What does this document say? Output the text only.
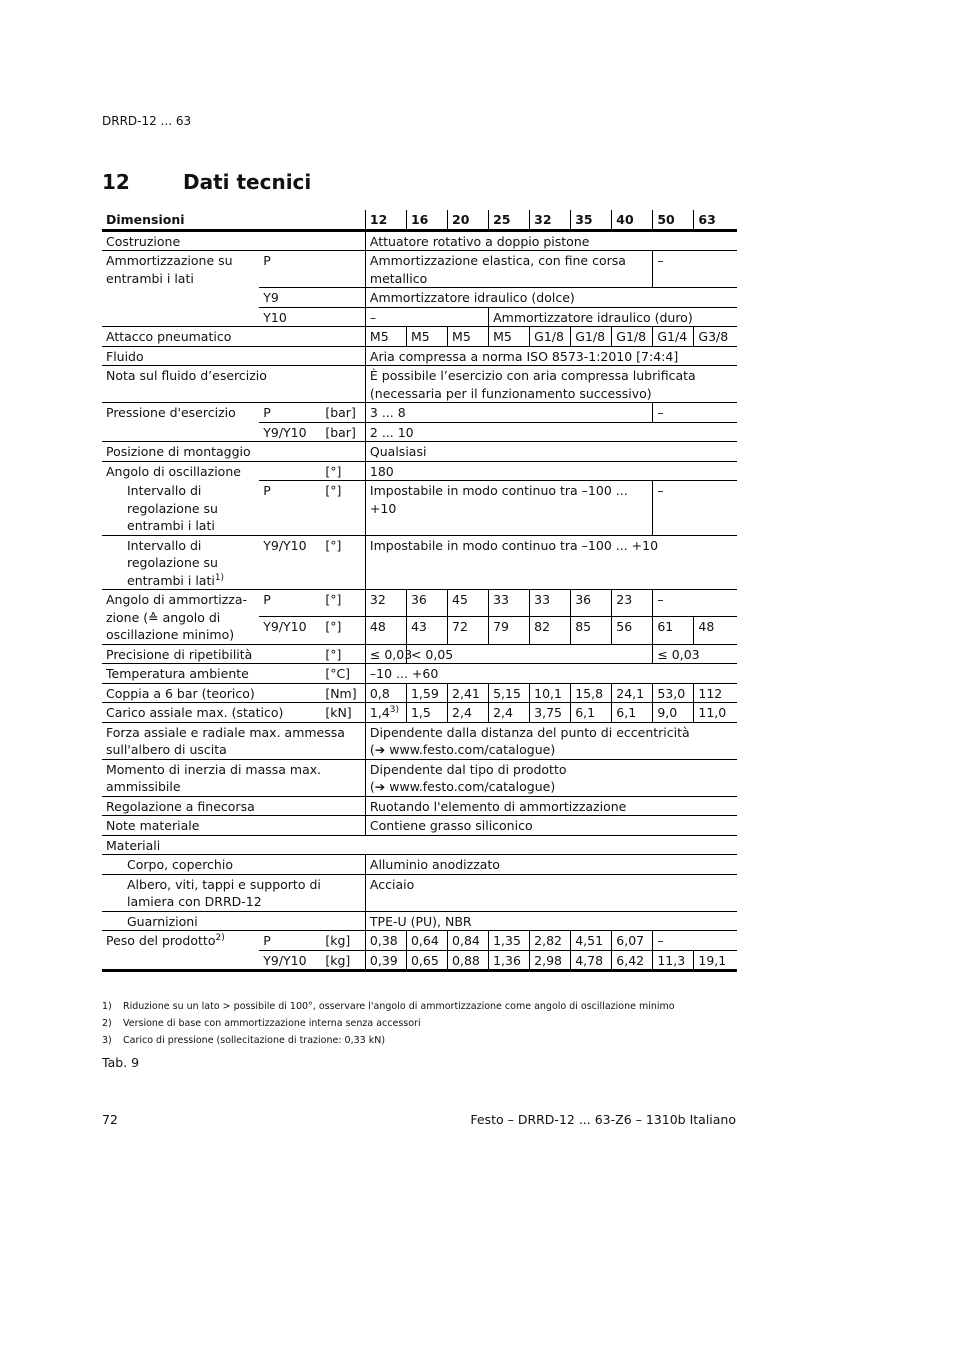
DRRD-12 ... 63
12	Dati tecnici
Dimensioni			12	16	20	25	32	35	40	50	63
Costruzione			Attuatore rotativo a doppio pistone								
Ammortizzazione su entrambi i lati	P		Ammortizzazione elastica, con fine corsa metallico							–	
	Y9		Ammortizzatore idraulico (dolce)								
	Y10		–			Ammortizzatore idraulico (duro)					
Attacco pneumatico			M5	M5	M5	M5	G1/8	G1/8	G1/8	G1/4	G3/8
Fluido			Aria compressa a norma ISO 8573-1:2010 [7:4:4]								
Nota sul fluido d’esercizio			È possibile l’esercizio con aria compressa lubrificata (necessaria per il funzionamento successivo)								
Pressione d'esercizio	P	[bar]	3 ... 8							–	
	Y9/Y10	[bar]	2 ... 10								
Posizione di montaggio			Qualsiasi								
Angolo di oscillazione		[°]	180								
Intervallo di regolazione su entrambi i lati	P	[°]	Impostabile in modo continuo tra –100 ... +10							–	
Intervallo di regolazione su entrambi i lati$^{1)}$	Y9/Y10	[°]	Impostabile in modo continuo tra –100 ... +10								
Angolo di ammortizza-zione (≙ angolo di oscillazione minimo)	P	[°]	32	36	45	33	33	36	23	–	
	Y9/Y10	[°]	48	43	72	79	82	85	56	61	48
Precisione di ripetibilità		[°]	≤ 0,03	< 0,05						≤ 0,03	
Temperatura ambiente		[°C]	–10 ... +60								
Coppia a 6 bar (teorico)		[Nm]	0,8	1,59	2,41	5,15	10,1	15,8	24,1	53,0	112
Carico assiale max. (statico)		[kN]	1,4$^{3)}$	1,5	2,4	2,4	3,75	6,1	6,1	9,0	11,0
Forza assiale e radiale max. ammessa sull'albero di uscita			Dipendente dalla distanza del punto di eccentricità
(➔ www.festo.com/catalogue)								

Momento di inerzia di massa max. ammissibile			Dipendente dal tipo di prodotto
(➔ www.festo.com/catalogue)								

Regolazione a finecorsa			Ruotando l'elemento di ammortizzazione								
Note materiale			Contiene grasso siliconico								
Materiali											
Corpo, coperchio			Alluminio anodizzato								
Albero, viti, tappi e supporto di lamiera con DRRD-12			Acciaio								
Guarnizioni			TPE-U (PU), NBR								
Peso del prodotto$^{2)}$	P	[kg]	0,38	0,64	0,84	1,35	2,82	4,51	6,07	–	
	Y9/Y10	[kg]	0,39	0,65	0,88	1,36	2,98	4,78	6,42	11,3	19,1
1) Riduzione su un lato > possibile di 100°, osservare l'angolo di ammortizzazione come angolo di oscillazione minimo
2) Versione di base con ammortizzazione interna senza accessori
3) Carico di pressione (sollecitazione di trazione: 0,33 kN)
Tab. 9
72	Festo – DRRD-12 ... 63-Z6 – 1310b Italiano
